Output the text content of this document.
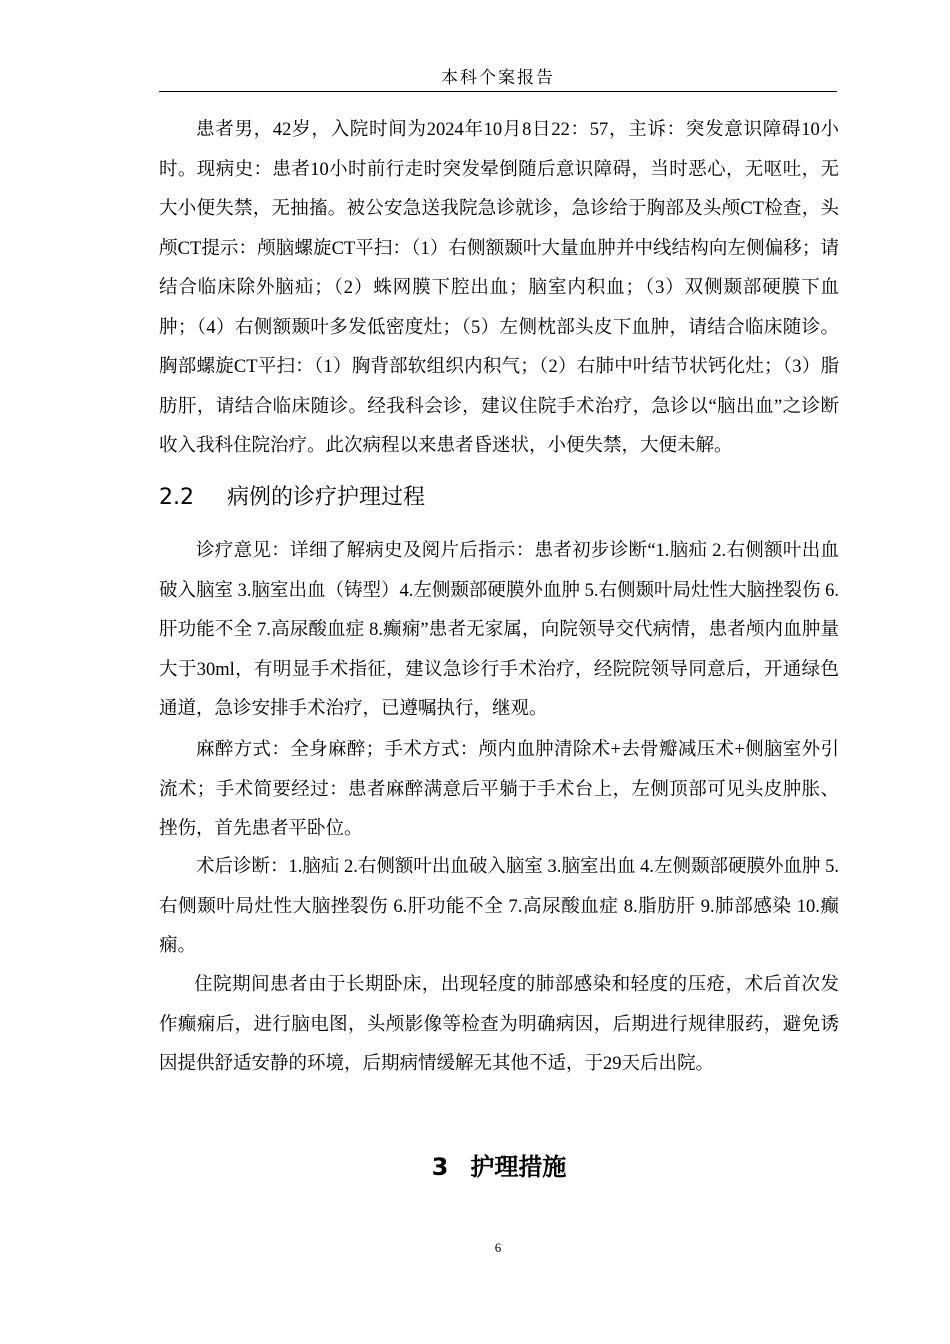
本科个案报告

患者男，42岁，入院时间为2024年10月8日22：57，主诉：突发意识障碍10小时。现病史：患者10小时前行走时突发晕倒随后意识障碍，当时恶心，无呕吐，无大小便失禁，无抽搐。被公安急送我院急诊就诊，急诊给于胸部及头颅CT检查，头颅CT提示：颅脑螺旋CT平扫：（1）右侧额颞叶大量血肿并中线结构向左侧偏移；请结合临床除外脑疝；（2）蛛网膜下腔出血；脑室内积血；（3）双侧颞部硬膜下血肿；（4）右侧额颞叶多发低密度灶；（5）左侧枕部头皮下血肿，请结合临床随诊。胸部螺旋CT平扫：（1）胸背部软组织内积气；（2）右肺中叶结节状钙化灶；（3）脂肪肝，请结合临床随诊。经我科会诊，建议住院手术治疗，急诊以“脑出血”之诊断收入我科住院治疗。此次病程以来患者昏迷状，小便失禁，大便未解。

2.2 病例的诊疗护理过程

诊疗意见：详细了解病史及阅片后指示：患者初步诊断“1.脑疝 2.右侧额叶出血破入脑室 3.脑室出血（铸型）4.左侧颞部硬膜外血肿 5.右侧颞叶局灶性大脑挫裂伤 6.肝功能不全 7.高尿酸血症 8.癫痫”患者无家属，向院领导交代病情，患者颅内血肿量大于30ml，有明显手术指征，建议急诊行手术治疗，经院院领导同意后，开通绿色通道，急诊安排手术治疗，已遵嘱执行，继观。

麻醉方式：全身麻醉；手术方式：颅内血肿清除术+去骨瓣减压术+侧脑室外引流术；手术简要经过：患者麻醉满意后平躺于手术台上，左侧顶部可见头皮肿胀、挫伤，首先患者平卧位。

术后诊断：1.脑疝 2.右侧额叶出血破入脑室 3.脑室出血 4.左侧颞部硬膜外血肿 5.右侧颞叶局灶性大脑挫裂伤 6.肝功能不全 7.高尿酸血症 8.脂肪肝 9.肺部感染 10.癫痫。

住院期间患者由于长期卧床，出现轻度的肺部感染和轻度的压疮，术后首次发作癫痫后，进行脑电图，头颅影像等检查为明确病因，后期进行规律服药，避免诱因提供舒适安静的环境，后期病情缓解无其他不适，于29天后出院。

3 护理措施
6
